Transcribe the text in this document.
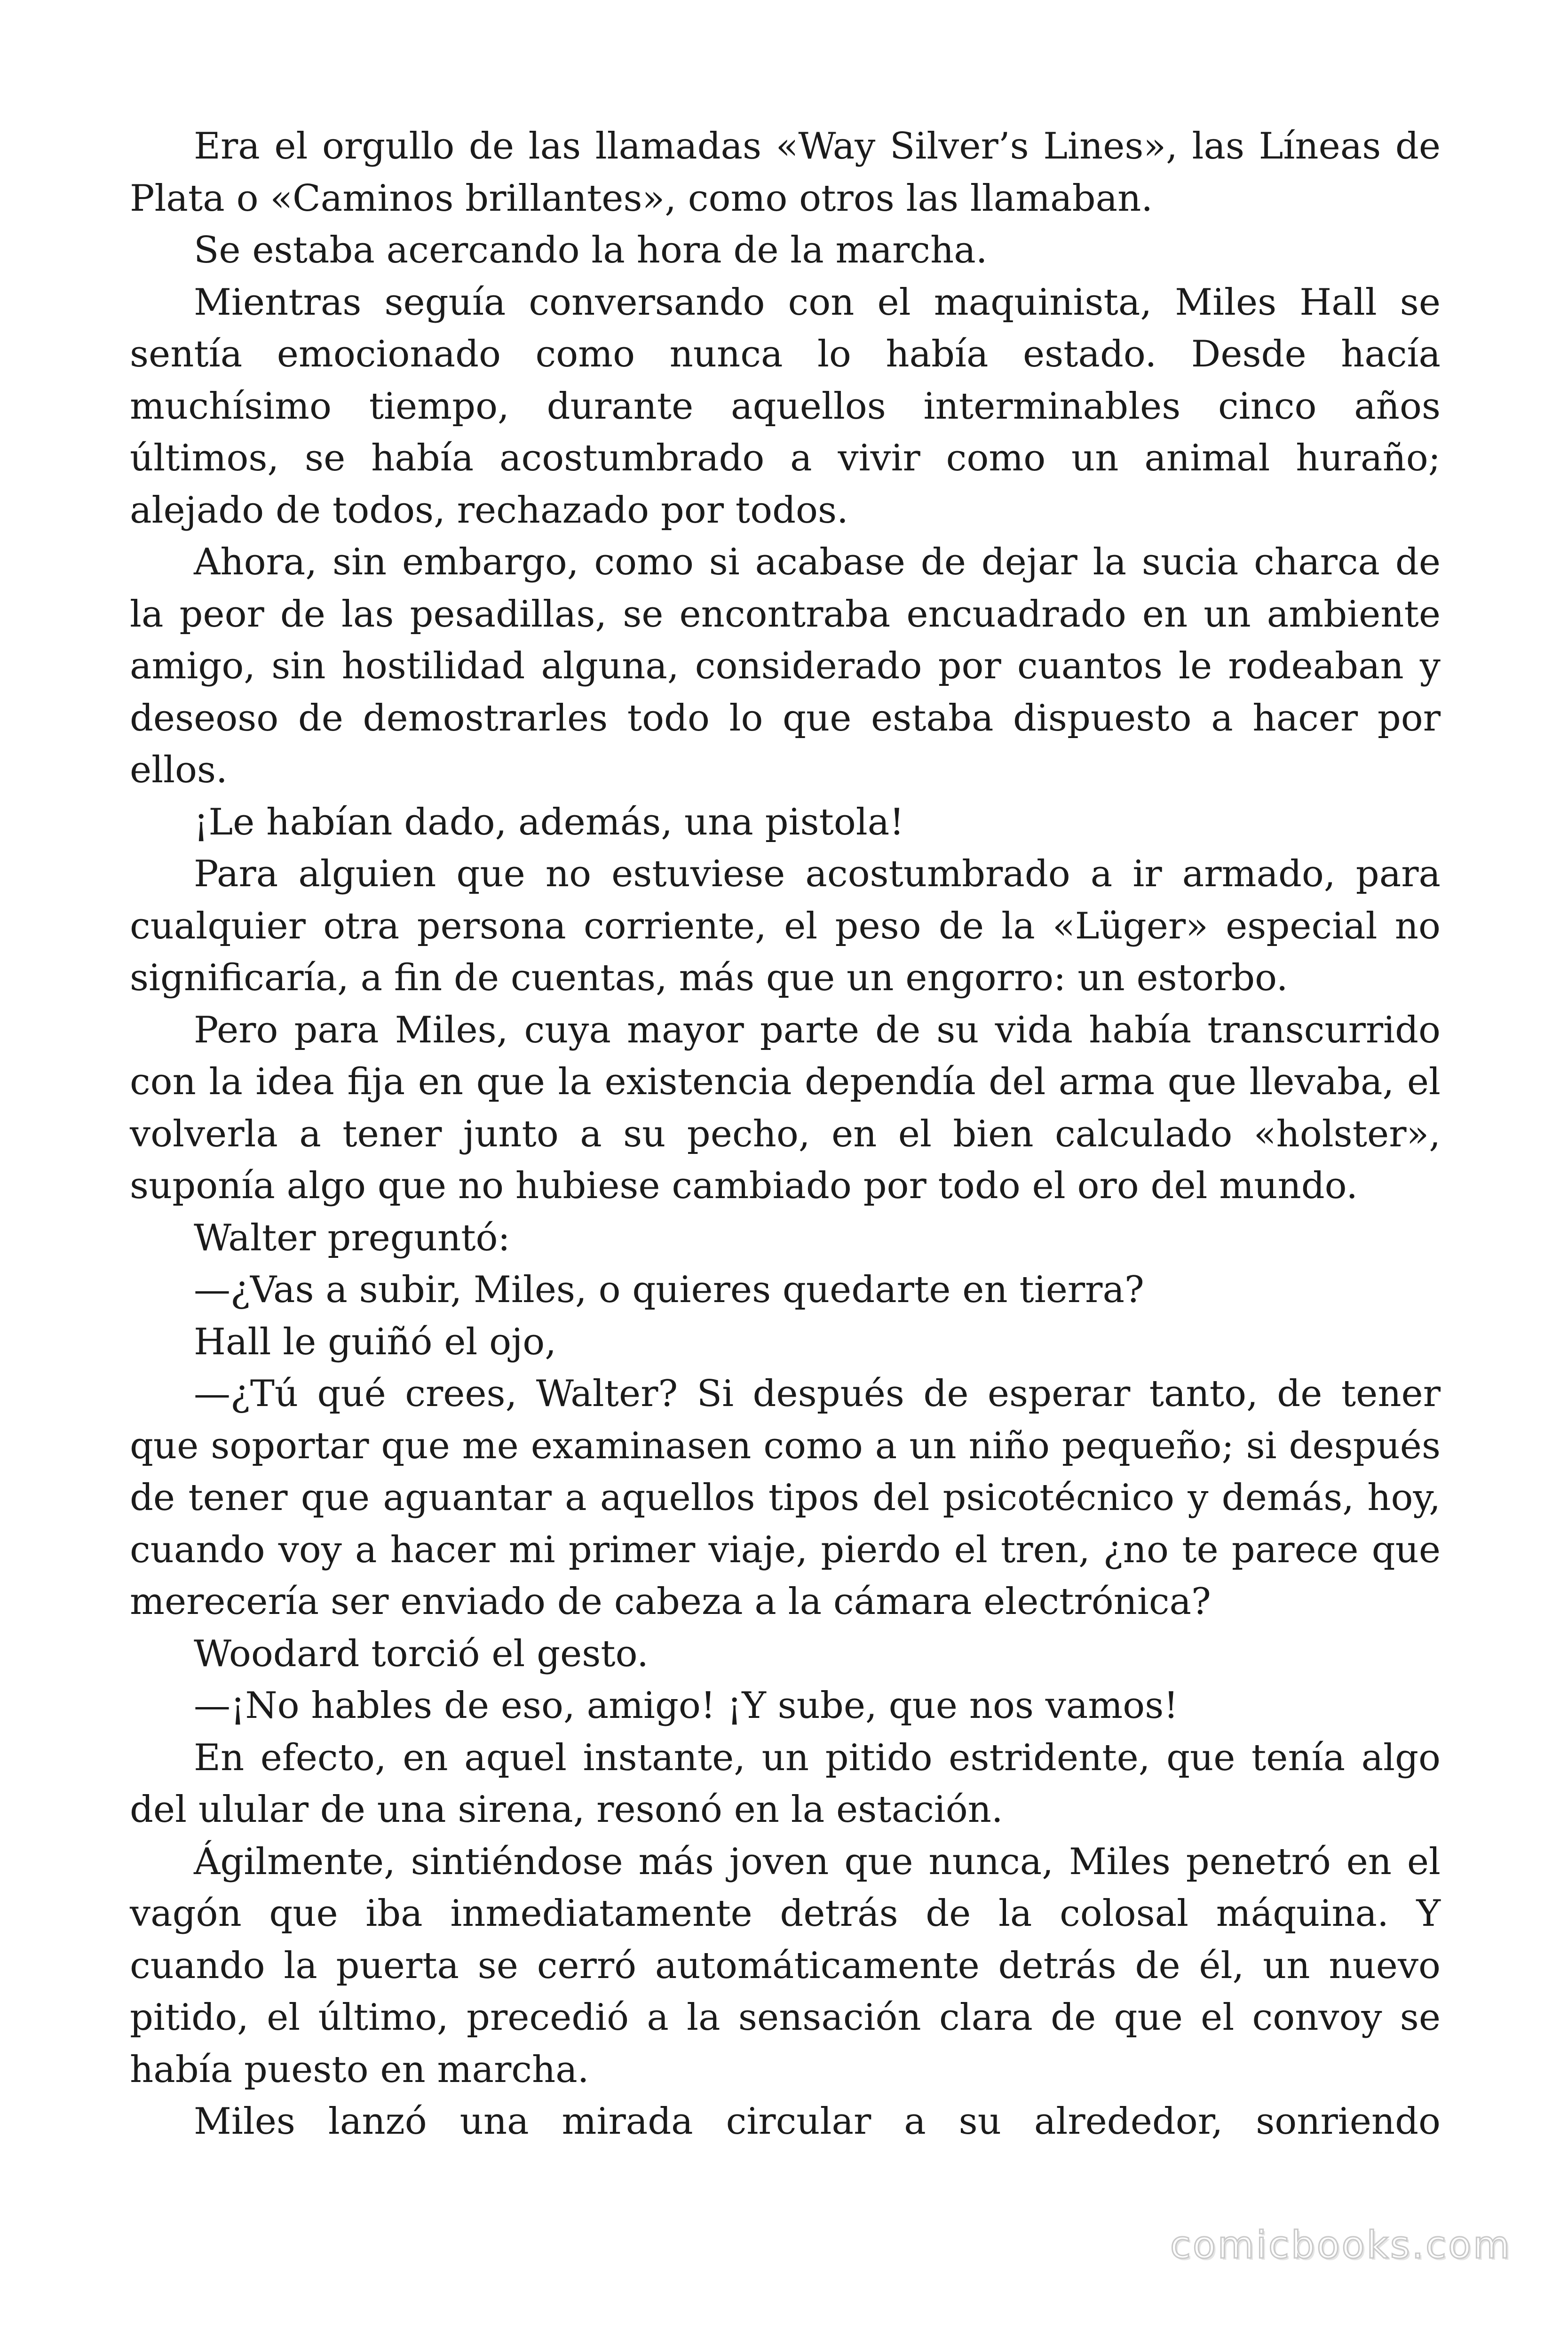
Era el orgullo de las llamadas «Way Silver’s Lines», las Líneas de Plata o «Caminos brillantes», como otros las llamaban.

Se estaba acercando la hora de la marcha.

Mientras seguía conversando con el maquinista, Miles Hall se sentía emocionado como nunca lo había estado. Desde hacía muchísimo tiempo, durante aquellos interminables cinco años últimos, se había acostumbrado a vivir como un animal huraño; alejado de todos, rechazado por todos.

Ahora, sin embargo, como si acabase de dejar la sucia charca de la peor de las pesadillas, se encontraba encuadrado en un ambiente amigo, sin hostilidad alguna, considerado por cuantos le rodeaban y deseoso de demostrarles todo lo que estaba dispuesto a hacer por ellos.

¡Le habían dado, además, una pistola!

Para alguien que no estuviese acostumbrado a ir armado, para cualquier otra persona corriente, el peso de la «Lüger» especial no significaría, a fin de cuentas, más que un engorro: un estorbo.

Pero para Miles, cuya mayor parte de su vida había transcurrido con la idea fija en que la existencia dependía del arma que llevaba, el volverla a tener junto a su pecho, en el bien calculado «holster», suponía algo que no hubiese cambiado por todo el oro del mundo.

Walter preguntó:

—¿Vas a subir, Miles, o quieres quedarte en tierra?

Hall le guiñó el ojo,

—¿Tú qué crees, Walter? Si después de esperar tanto, de tener que soportar que me examinasen como a un niño pequeño; si después de tener que aguantar a aquellos tipos del psicotécnico y demás, hoy, cuando voy a hacer mi primer viaje, pierdo el tren, ¿no te parece que merecería ser enviado de cabeza a la cámara electrónica?

Woodard torció el gesto.

—¡No hables de eso, amigo! ¡Y sube, que nos vamos!

En efecto, en aquel instante, un pitido estridente, que tenía algo del ulular de una sirena, resonó en la estación.

Ágilmente, sintiéndose más joven que nunca, Miles penetró en el vagón que iba inmediatamente detrás de la colosal máquina. Y cuando la puerta se cerró automáticamente detrás de él, un nuevo pitido, el último, precedió a la sensación clara de que el convoy se había puesto en marcha.

Miles lanzó una mirada circular a su alrededor, sonriendo

comicbooks.com
